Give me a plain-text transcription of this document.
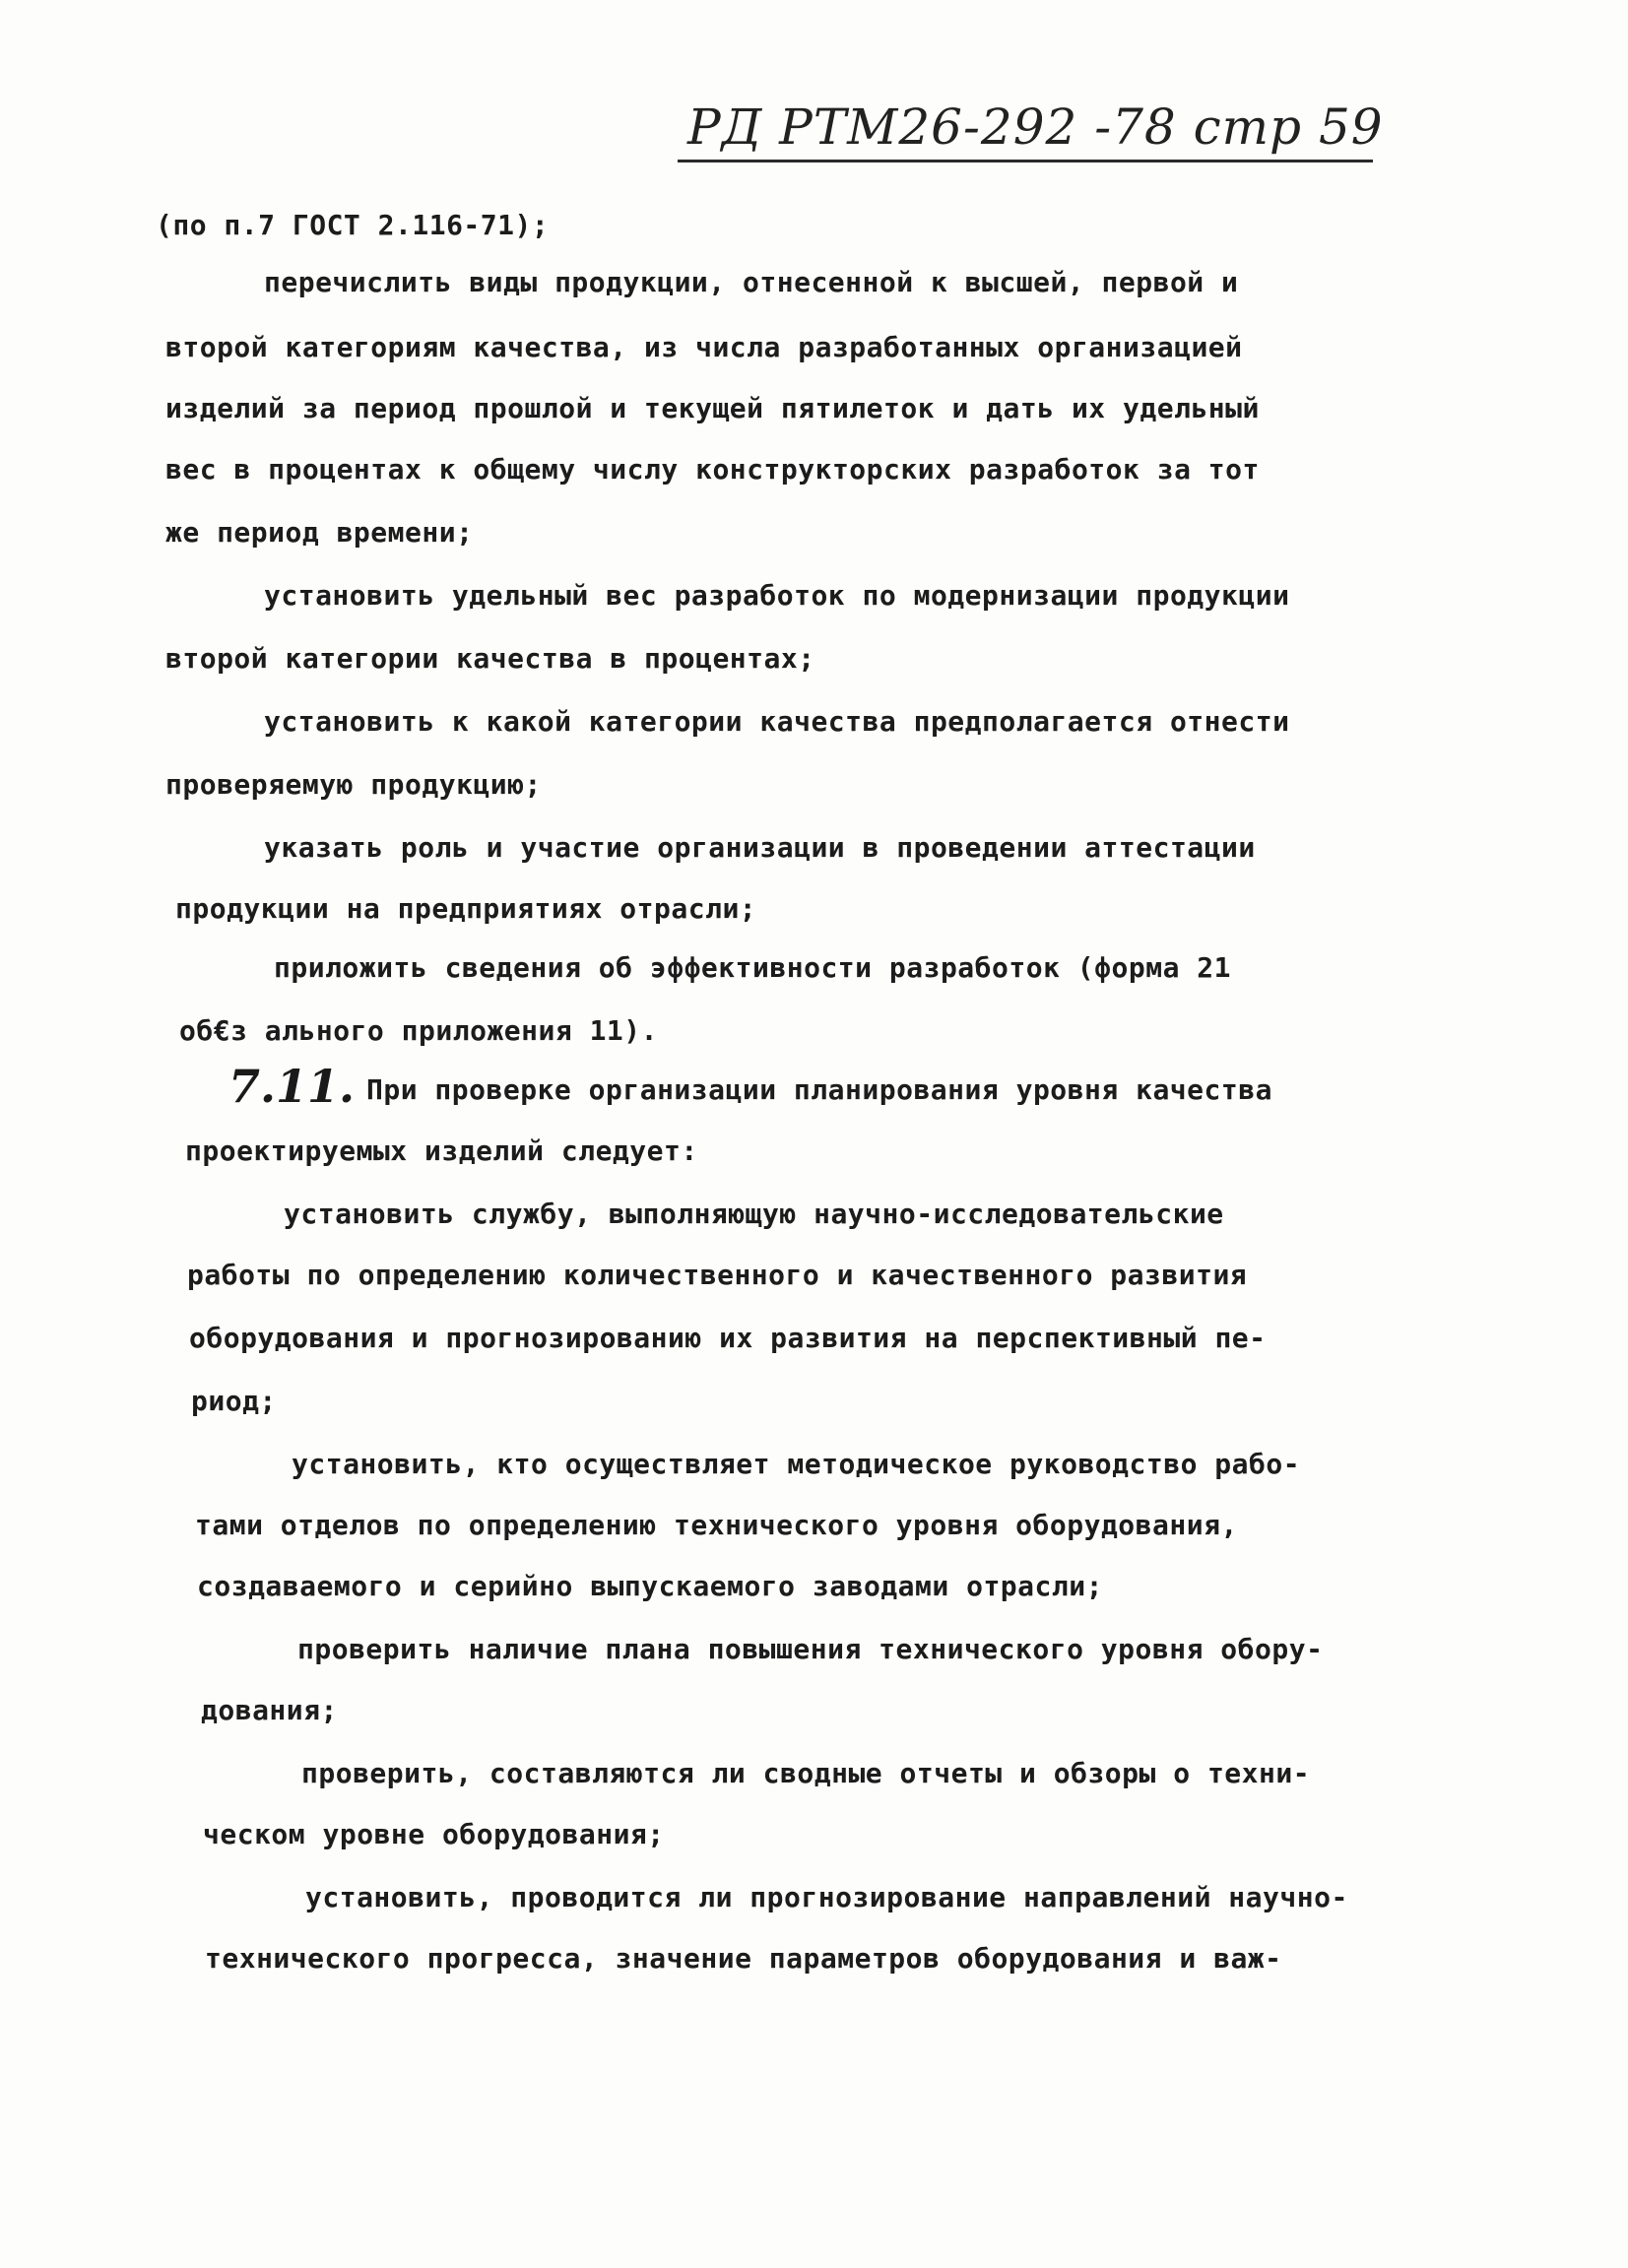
РД РТМ26-292 -78 стр 59
(по п.7 ГОСТ 2.116-71);
перечислить виды продукции, отнесенной к высшей, первой и
второй категориям качества, из числа разработанных организацией
изделий за период прошлой и текущей пятилеток и дать их удельный
вес в процентах к общему числу конструкторских разработок за тот
же период времени;
установить удельный вес разработок по модернизации продукции
второй категории качества в процентах;
установить к какой категории качества предполагается отнести
проверяемую продукцию;
указать роль и участие организации в проведении аттестации
продукции на предприятиях отрасли;
приложить сведения об эффективности разработок (форма 21
об€з ального приложения 11).
7.11. При проверке организации планирования уровня качества
проектируемых изделий следует:
установить службу, выполняющую научно-исследовательские
работы по определению количественного и качественного развития
оборудования и прогнозированию их развития на перспективный пе-
риод;
установить, кто осуществляет методическое руководство рабо-
тами отделов по определению технического уровня оборудования,
создаваемого и серийно выпускаемого заводами отрасли;
проверить наличие плана повышения технического уровня обору-
дования;
проверить, составляются ли сводные отчеты и обзоры о техни-
ческом уровне оборудования;
установить, проводится ли прогнозирование направлений научно-
технического прогресса, значение параметров оборудования и важ-
